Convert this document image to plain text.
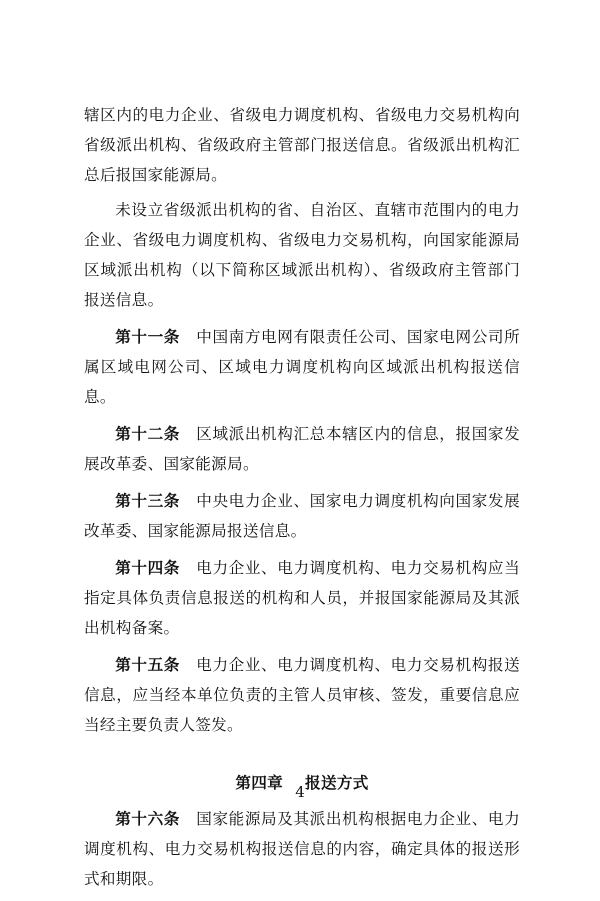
辖区内的电力企业、省级电力调度机构、省级电力交易机构向省级派出机构、省级政府主管部门报送信息。省级派出机构汇总后报国家能源局。

未设立省级派出机构的省、自治区、直辖市范围内的电力企业、省级电力调度机构、省级电力交易机构，向国家能源局区域派出机构（以下简称区域派出机构）、省级政府主管部门报送信息。

第十一条　 中国南方电网有限责任公司、国家电网公司所属区域电网公司、区域电力调度机构向区域派出机构报送信息。

第十二条　 区域派出机构汇总本辖区内的信息，报国家发展改革委、国家能源局。

第十三条　 中央电力企业、国家电力调度机构向国家发展改革委、国家能源局报送信息。

第十四条　 电力企业、电力调度机构、电力交易机构应当指定具体负责信息报送的机构和人员，并报国家能源局及其派出机构备案。

第十五条　 电力企业、电力调度机构、电力交易机构报送信息，应当经本单位负责的主管人员审核、签发，重要信息应当经主要负责人签发。

第四章 报送方式

第十六条　 国家能源局及其派出机构根据电力企业、电力调度机构、电力交易机构报送信息的内容，确定具体的报送形式和期限。

4
